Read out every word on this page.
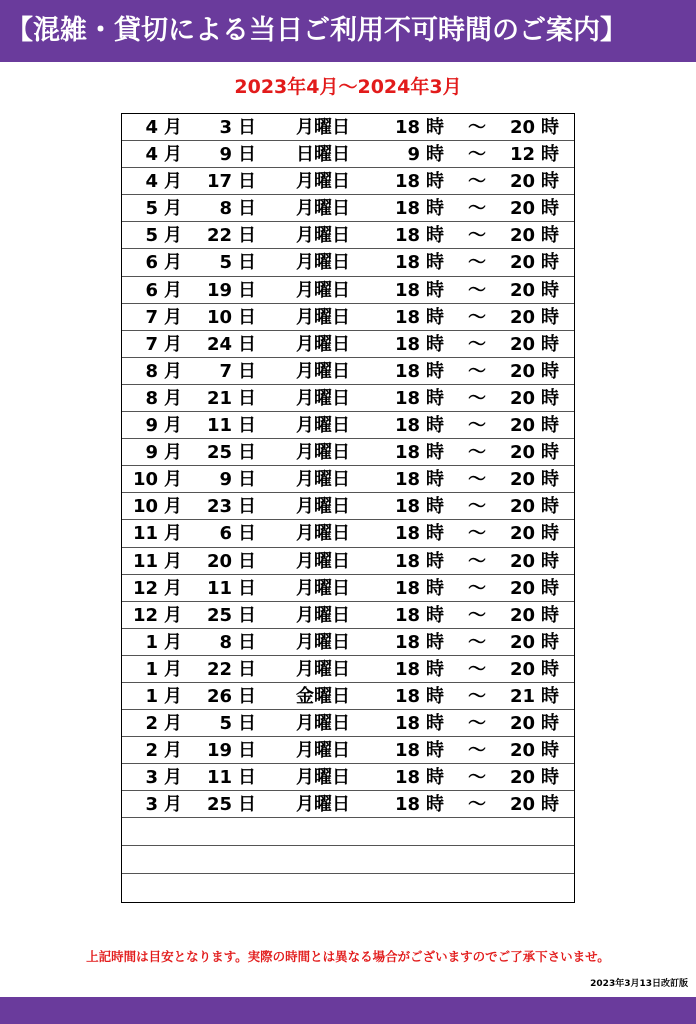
【混雑・貸切による当日ご利用不可時間のご案内】
2023年4月～2024年3月
4 月	3 日 月曜日 18 時 ～ 20 時
4 月	9 日 日曜日	9 時 ～ 12 時
4 月 17 日 月曜日 18 時 ～ 20 時
5 月	8 日 月曜日 18 時 ～ 20 時
5 月 22 日 月曜日 18 時 ～ 20 時
6 月	5 日 月曜日 18 時 ～ 20 時
6 月 19 日 月曜日 18 時 ～ 20 時
7 月 10 日 月曜日 18 時 ～ 20 時
7 月 24 日 月曜日 18 時 ～ 20 時
8 月	7 日 月曜日 18 時 ～ 20 時
8 月 21 日 月曜日 18 時 ～ 20 時
9 月 11 日 月曜日 18 時 ～ 20 時
9 月 25 日 月曜日 18 時 ～ 20 時
10 月	9 日 月曜日 18 時 ～ 20 時
10 月 23 日 月曜日 18 時 ～ 20 時
11 月	6 日 月曜日 18 時 ～ 20 時
11 月 20 日 月曜日 18 時 ～ 20 時
12 月 11 日 月曜日 18 時 ～ 20 時
12 月 25 日 月曜日 18 時 ～ 20 時
1 月	8 日 月曜日 18 時 ～ 20 時
1 月 22 日 月曜日 18 時 ～ 20 時
1 月 26 日 金曜日 18 時 ～ 21 時
2 月	5 日 月曜日 18 時 ～ 20 時
2 月 19 日 月曜日 18 時 ～ 20 時
3 月 11 日 月曜日 18 時 ～ 20 時
3 月 25 日 月曜日 18 時 ～ 20 時
上記時間は目安となります。実際の時間とは異なる場合がございますのでご了承下さいませ。
2023年3月13日改訂版
